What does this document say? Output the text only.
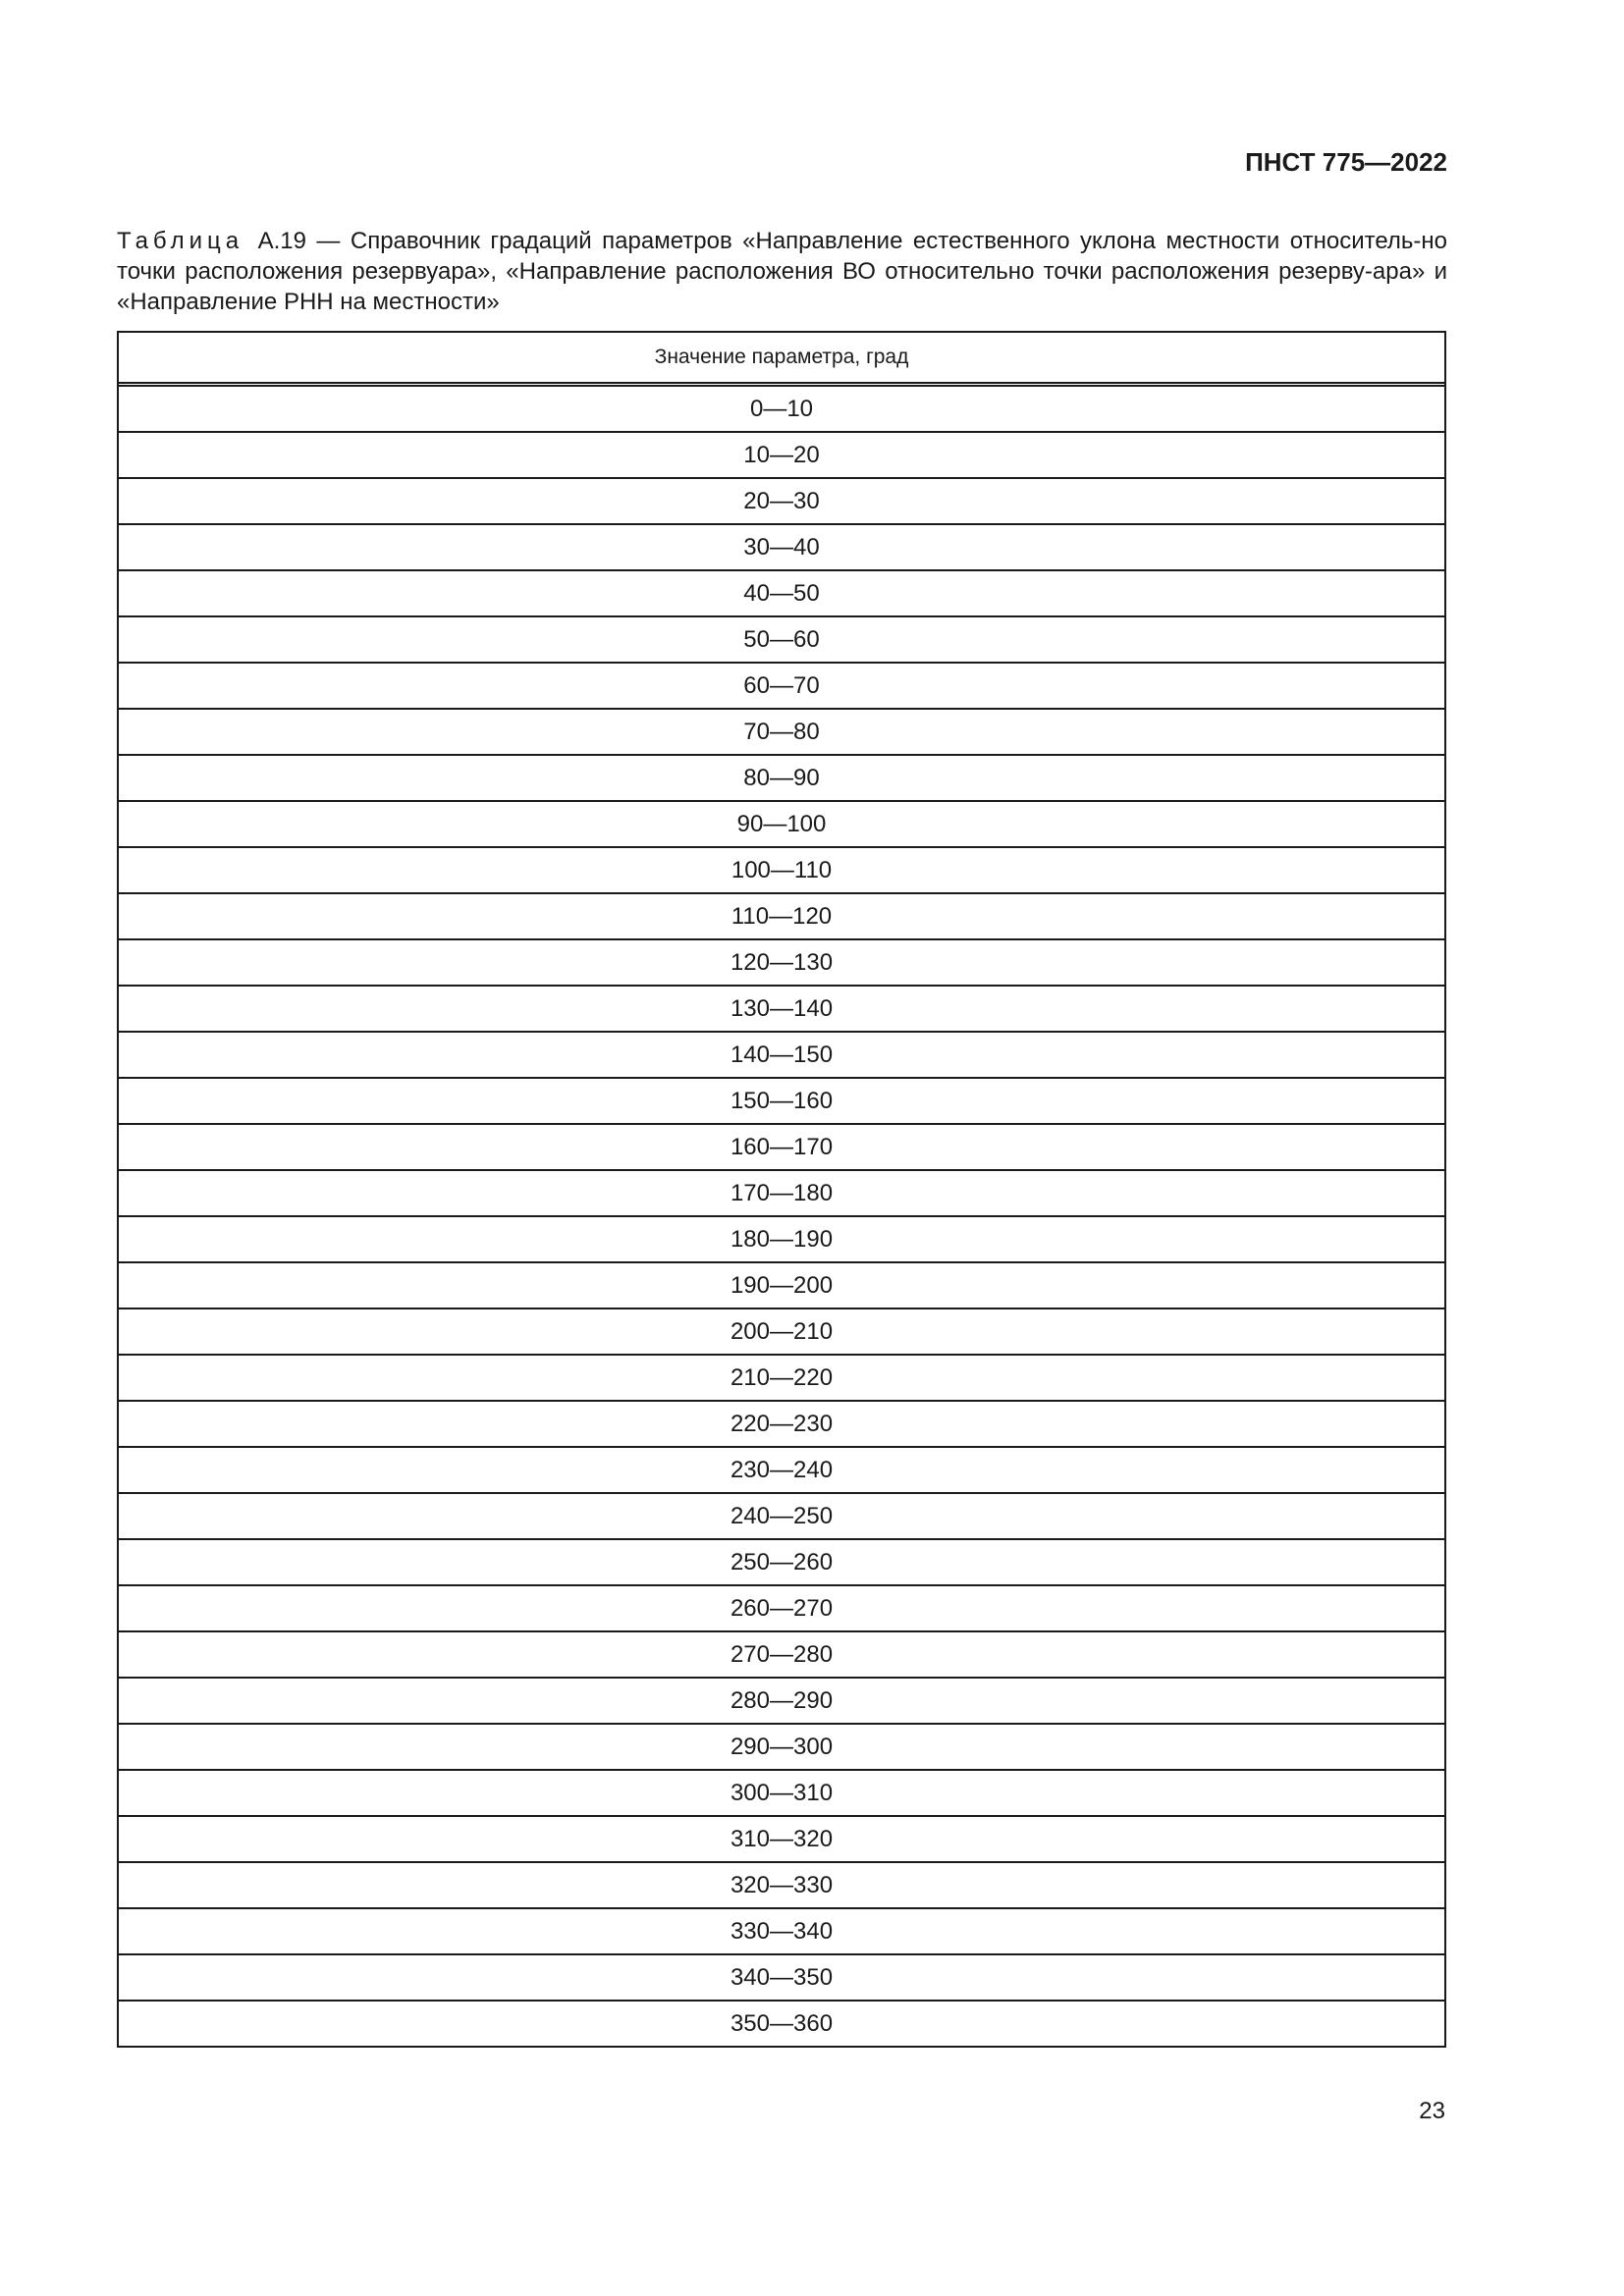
ПНСТ 775—2022

Таблица А.19 — Справочник градаций параметров «Направление естественного уклона местности относитель-но точки расположения резервуара», «Направление расположения ВО относительно точки расположения резерву-ара» и «Направление РНН на местности»

Значение параметра, град
0—10
10—20
20—30
30—40
40—50
50—60
60—70
70—80
80—90
90—100
100—110
110—120
120—130
130—140
140—150
150—160
160—170
170—180
180—190
190—200
200—210
210—220
220—230
230—240
240—250
250—260
260—270
270—280
280—290
290—300
300—310
310—320
320—330
330—340
340—350
350—360

23
